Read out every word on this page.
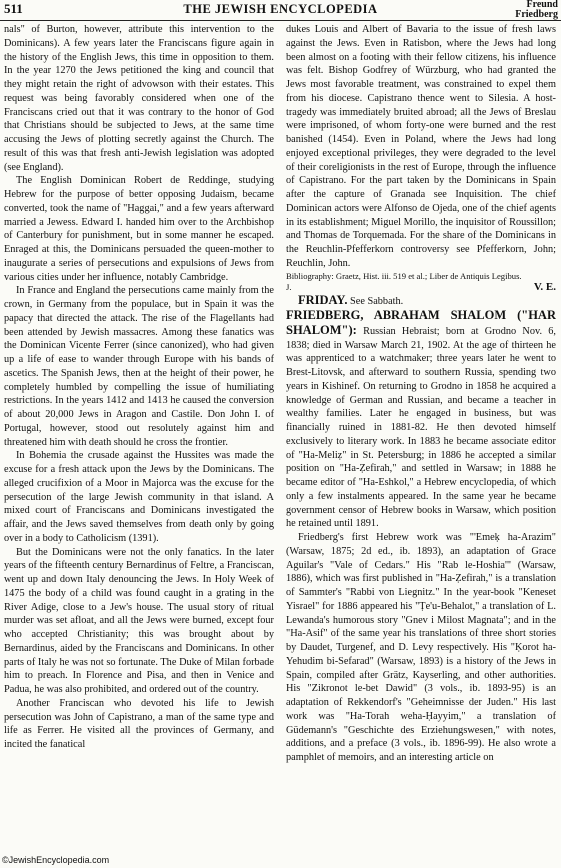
511	THE JEWISH ENCYCLOPEDIA	Freund
Friedberg

nals" of Burton, however, attribute this intervention to the Dominicans). A few years later the Franciscans figure again in the history of the English Jews, this time in opposition to them. In the year 1270 the Jews petitioned the king and council that they might retain the right of advowson with their estates. This request was being favorably considered when one of the Franciscans cried out that it was contrary to the honor of God that Christians should be subjected to Jews, at the same time accusing the Jews of plotting secretly against the Church. The result of this was that fresh anti-Jewish legislation was adopted (see England).

The English Dominican Robert de Reddinge, studying Hebrew for the purpose of better opposing Judaism, became converted, took the name of "Haggai," and a few years afterward married a Jewess. Edward I. handed him over to the Archbishop of Canterbury for punishment, but in some manner he escaped. Enraged at this, the Dominicans persuaded the queen-mother to inaugurate a series of persecutions and expulsions of Jews from various cities under her influence, notably Cambridge.

In France and England the persecutions came mainly from the crown, in Germany from the populace, but in Spain it was the papacy that directed the attack. The rise of the Flagellants had been attended by Jewish massacres. Among these fanatics was the Dominican Vicente Ferrer (since canonized), who had given up a life of ease to wander through Europe with his bands of ascetics. The Spanish Jews, then at the height of their power, he completely humbled by compelling the issue of humiliating restrictions. In the years 1412 and 1413 he caused the conversion of about 20,000 Jews in Aragon and Castile. Don John I. of Portugal, however, stood out resolutely against him and threatened him with death should he cross the frontier.

In Bohemia the crusade against the Hussites was made the excuse for a fresh attack upon the Jews by the Dominicans. The alleged crucifixion of a Moor in Majorca was the excuse for the persecution of the large Jewish community in that island. A mixed court of Franciscans and Dominicans investigated the affair, and the Jews saved themselves from death only by going over in a body to Catholicism (1391).

But the Dominicans were not the only fanatics. In the later years of the fifteenth century Bernardinus of Feltre, a Franciscan, went up and down Italy denouncing the Jews. In Holy Week of 1475 the body of a child was found caught in a grating in the River Adige, close to a Jew's house. The usual story of ritual murder was set afloat, and all the Jews were burned, except four who accepted Christianity; this was brought about by Bernardinus, aided by the Franciscans and Dominicans. In other parts of Italy he was not so fortunate. The Duke of Milan forbade him to preach. In Florence and Pisa, and then in Venice and Padua, he was also prohibited, and ordered out of the country.

Another Franciscan who devoted his life to Jewish persecution was John of Capistrano, a man of the same type and life as Ferrer. He visited all the provinces of Germany, and incited the fanatical

dukes Louis and Albert of Bavaria to the issue of fresh laws against the Jews. Even in Ratisbon, where the Jews had long been almost on a footing with their fellow citizens, his influence was felt. Bishop Godfrey of Würzburg, who had granted the Jews most favorable treatment, was constrained to expel them from his diocese. Capistrano thence went to Silesia. A host-tragedy was immediately bruited abroad; all the Jews of Breslau were imprisoned, of whom forty-one were burned and the rest banished (1454). Even in Poland, where the Jews had long enjoyed exceptional privileges, they were degraded to the level of their coreligionists in the rest of Europe, through the influence of Capistrano. For the part taken by the Dominicans in Spain after the capture of Granada see Inquisition. The chief Dominican actors were Alfonso de Ojeda, one of the chief agents in its establishment; Miguel Morillo, the inquisitor of Roussillon; and Thomas de Torquemada. For the share of the Dominicans in the Reuchlin-Pfefferkorn controversy see Pfefferkorn, John; Reuchlin, John.

Bibliography: Graetz, Hist. iii. 519 et al.; Liber de Antiquis Legibus.

J.	V. E.

FRIDAY. See Sabbath.

FRIEDBERG, ABRAHAM SHALOM ("HAR SHALOM"): Russian Hebraist; born at Grodno Nov. 6, 1838; died in Warsaw March 21, 1902. At the age of thirteen he was apprenticed to a watchmaker; three years later he went to Brest-Litovsk, and afterward to southern Russia, spending two years in Kishinef. On returning to Grodno in 1858 he acquired a knowledge of German and Russian, and became a teacher in wealthy families. Later he engaged in business, but was financially ruined in 1881-82. He then devoted himself exclusively to literary work. In 1883 he became associate editor of "Ha-Meliẓ" in St. Petersburg; in 1886 he accepted a similar position on "Ha-Ẓefirah," and settled in Warsaw; in 1888 he became editor of "Ha-Eshkol," a Hebrew encyclopedia, of which only a few instalments appeared. In the same year he became government censor of Hebrew books in Warsaw, which position he retained until 1891.

Friedberg's first Hebrew work was "'Emeḳ ha-Arazim" (Warsaw, 1875; 2d ed., ib. 1893), an adaptation of Grace Aguilar's "Vale of Cedars." His "Rab le-Hoshia'" (Warsaw, 1886), which was first published in "Ha-Ẓefirah," is a translation of Sammter's "Rabbi von Liegnitz." In the year-book "Keneset Yisrael" for 1886 appeared his "Ṭe'u-Behalot," a translation of L. Lewanda's humorous story "Gnev i Milost Magnata"; and in the "Ha-Asif" of the same year his translations of three short stories by Daudet, Turgenef, and D. Levy respectively. His "Ḳorot ha-Yehudim bi-Sefarad" (Warsaw, 1893) is a history of the Jews in Spain, compiled after Grätz, Kayserling, and other authorities. His "Zikronot le-bet Dawid" (3 vols., ib. 1893-95) is an adaptation of Rekkendorf's "Geheimnisse der Juden." His last work was "Ha-Torah weha-Ḥayyim," a translation of Güdemann's "Geschichte des Erziehungswesen," with notes, additions, and a preface (3 vols., ib. 1896-99). He also wrote a pamphlet of memoirs, and an interesting article on

©JewishEncyclopedia.com
